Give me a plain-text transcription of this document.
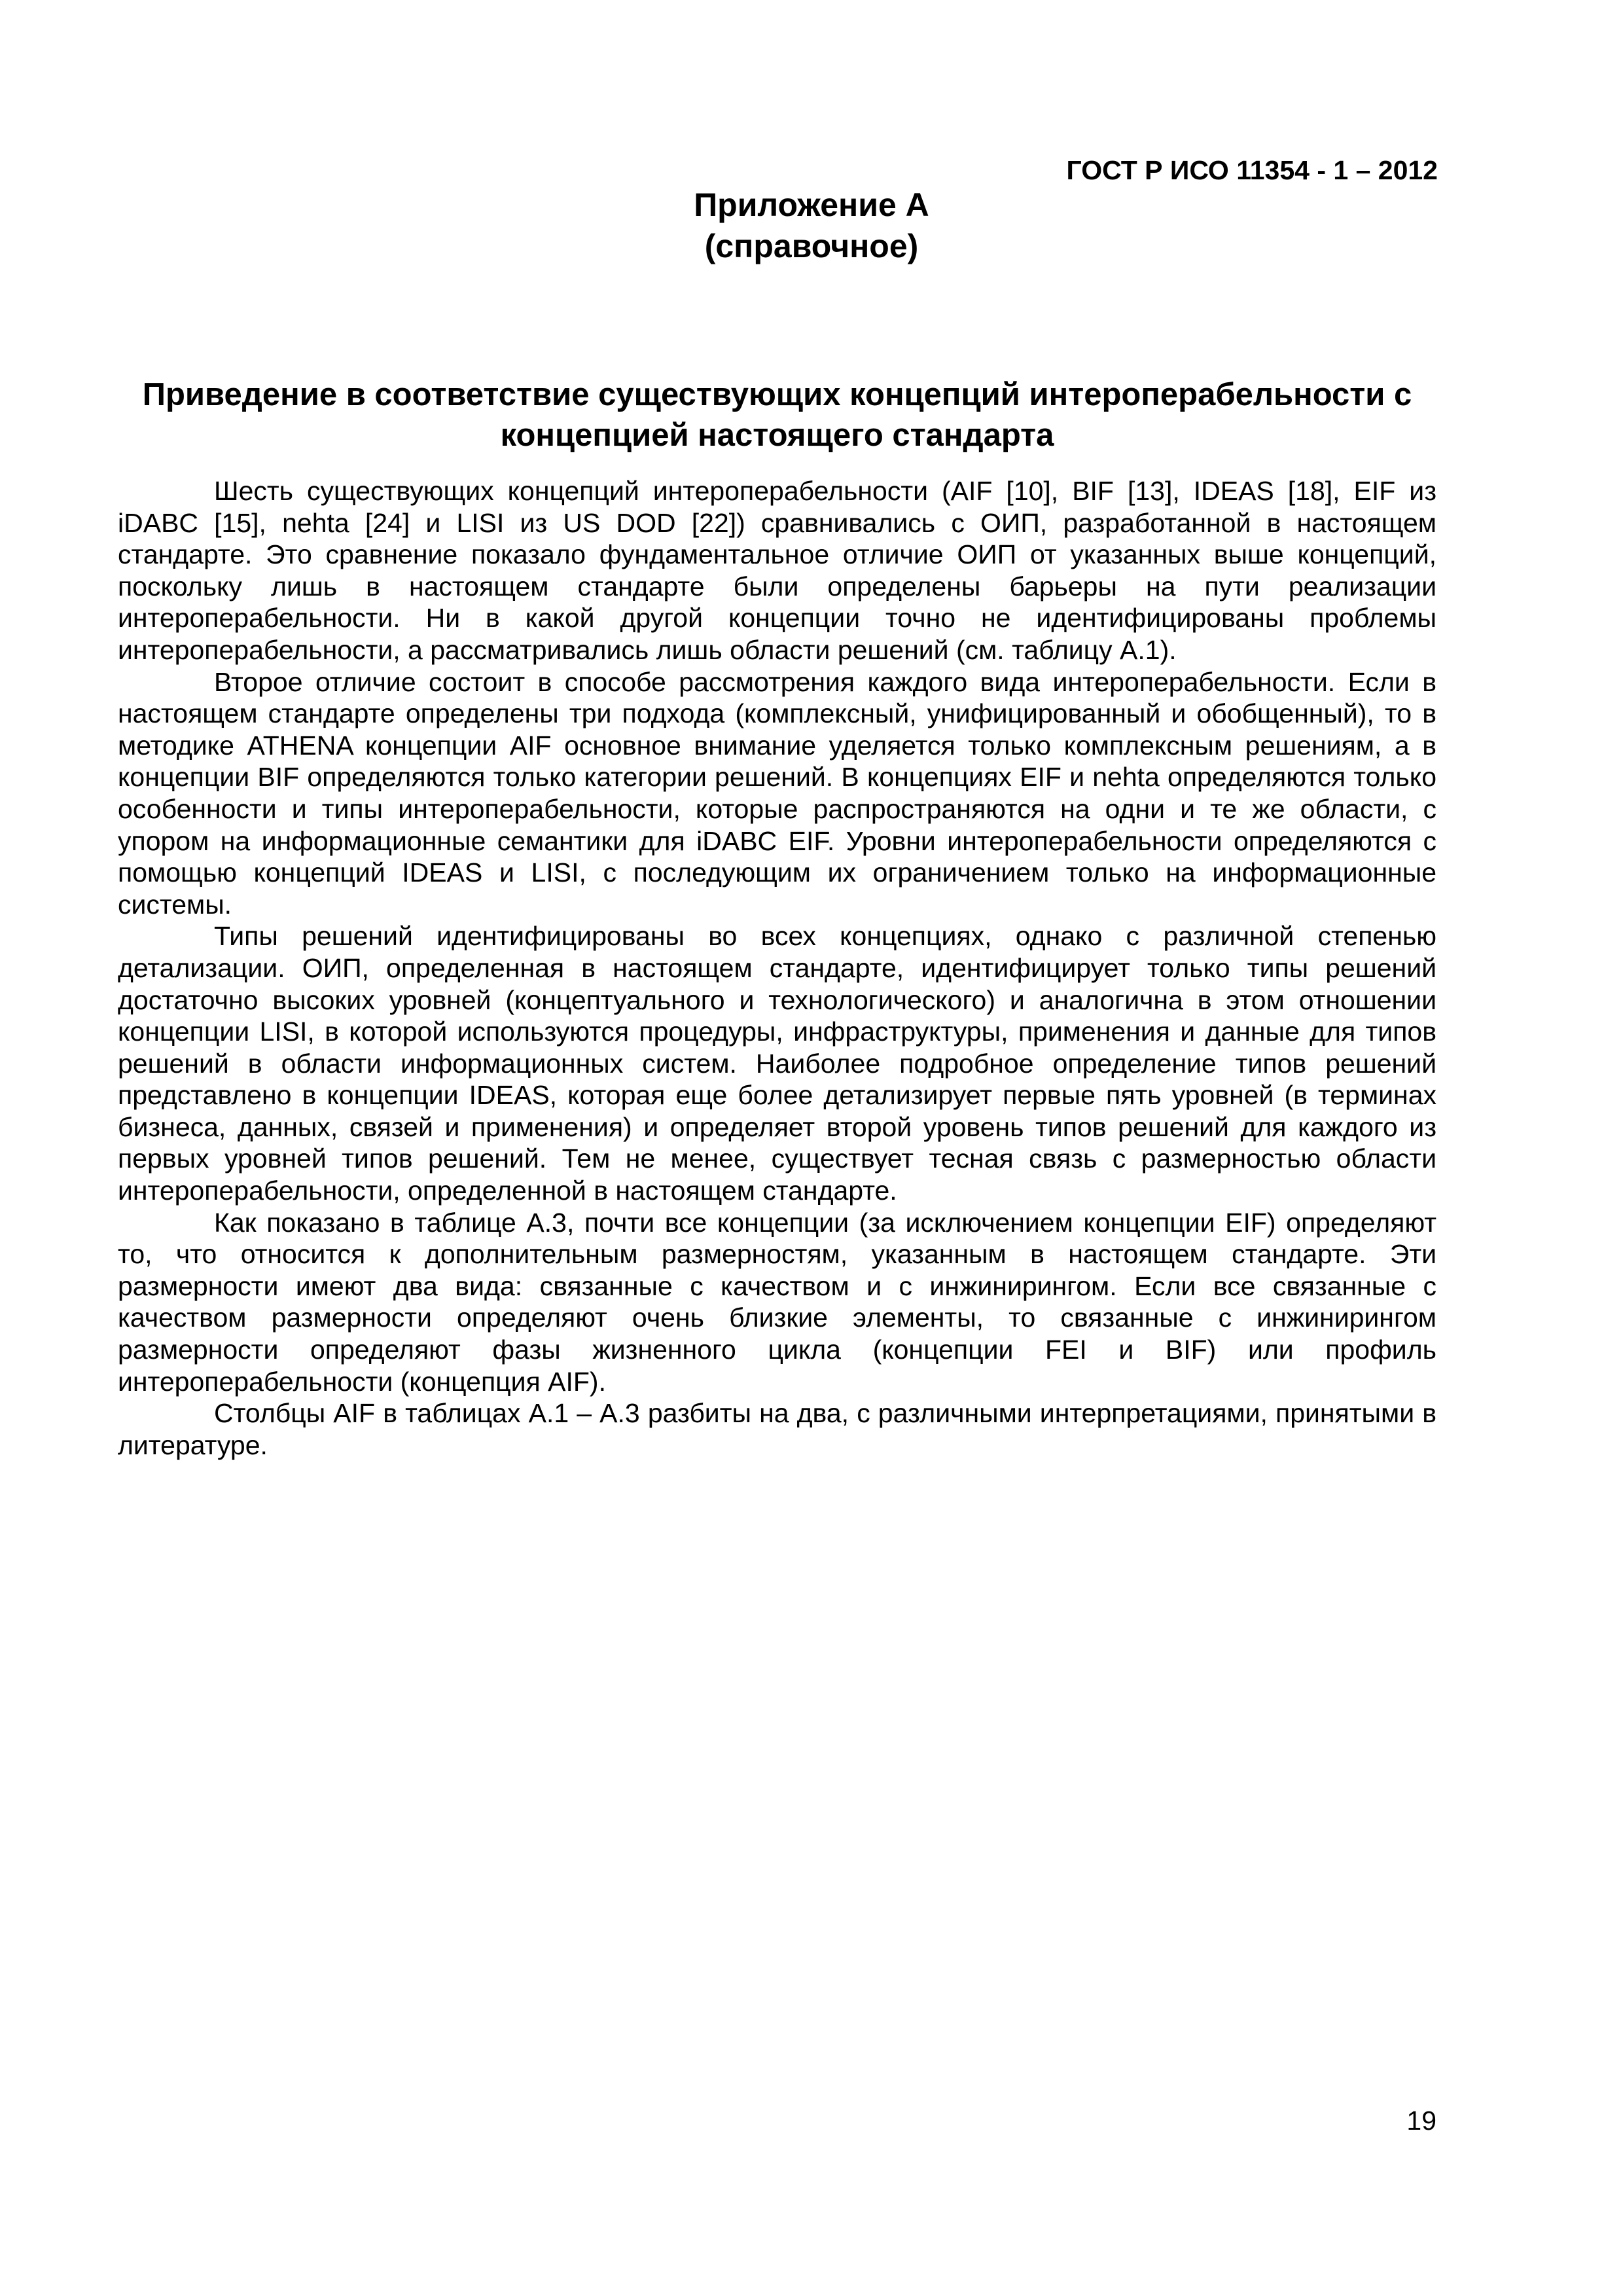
ГОСТ Р ИСО 11354 - 1 – 2012
Приложение А
(справочное)
Приведение в соответствие существующих концепций интероперабельности с концепцией настоящего стандарта

Шесть существующих концепций интероперабельности (AIF [10], BIF [13], IDEAS [18], EIF из iDABC [15], nehta [24] и LISI из US DOD [22]) сравнивались с ОИП, разработанной в настоящем стандарте. Это сравнение показало фундаментальное отличие ОИП от указанных выше концепций, поскольку лишь в настоящем стандарте были определены барьеры на пути реализации интероперабельности. Ни в какой другой концепции точно не идентифицированы проблемы интероперабельности, а рассматривались лишь области решений (см. таблицу А.1).

Второе отличие состоит в способе рассмотрения каждого вида интероперабельности. Если в настоящем стандарте определены три подхода (комплексный, унифицированный и обобщенный), то в методике ATHENA концепции AIF основное внимание уделяется только комплексным решениям, а в концепции BIF определяются только категории решений. В концепциях EIF и nehta определяются только особенности и типы интероперабельности, которые распространяются на одни и те же области, с упором на информационные семантики для iDABC EIF. Уровни интероперабельности определяются с помощью концепций IDEAS и LISI, с последующим их ограничением только на информационные системы.

Типы решений идентифицированы во всех концепциях, однако с различной степенью детализации. ОИП, определенная в настоящем стандарте, идентифицирует только типы решений достаточно высоких уровней (концептуального и технологического) и аналогична в этом отношении концепции LISI, в которой используются процедуры, инфраструктуры, применения и данные для типов решений в области информационных систем. Наиболее подробное определение типов решений представлено в концепции IDEAS, которая еще более детализирует первые пять уровней (в терминах бизнеса, данных, связей и применения) и определяет второй уровень типов решений для каждого из первых уровней типов решений. Тем не менее, существует тесная связь с размерностью области интероперабельности, определенной в настоящем стандарте.

Как показано в таблице А.3, почти все концепции (за исключением концепции EIF) определяют то, что относится к дополнительным размерностям, указанным в настоящем стандарте. Эти размерности имеют два вида: связанные с качеством и с инжинирингом. Если все связанные с качеством размерности определяют очень близкие элементы, то связанные с инжинирингом размерности определяют фазы жизненного цикла (концепции FEI и BIF) или профиль интероперабельности (концепция AIF).

Столбцы AIF в таблицах А.1 – А.3 разбиты на два, с различными интерпретациями, принятыми в литературе.

19
